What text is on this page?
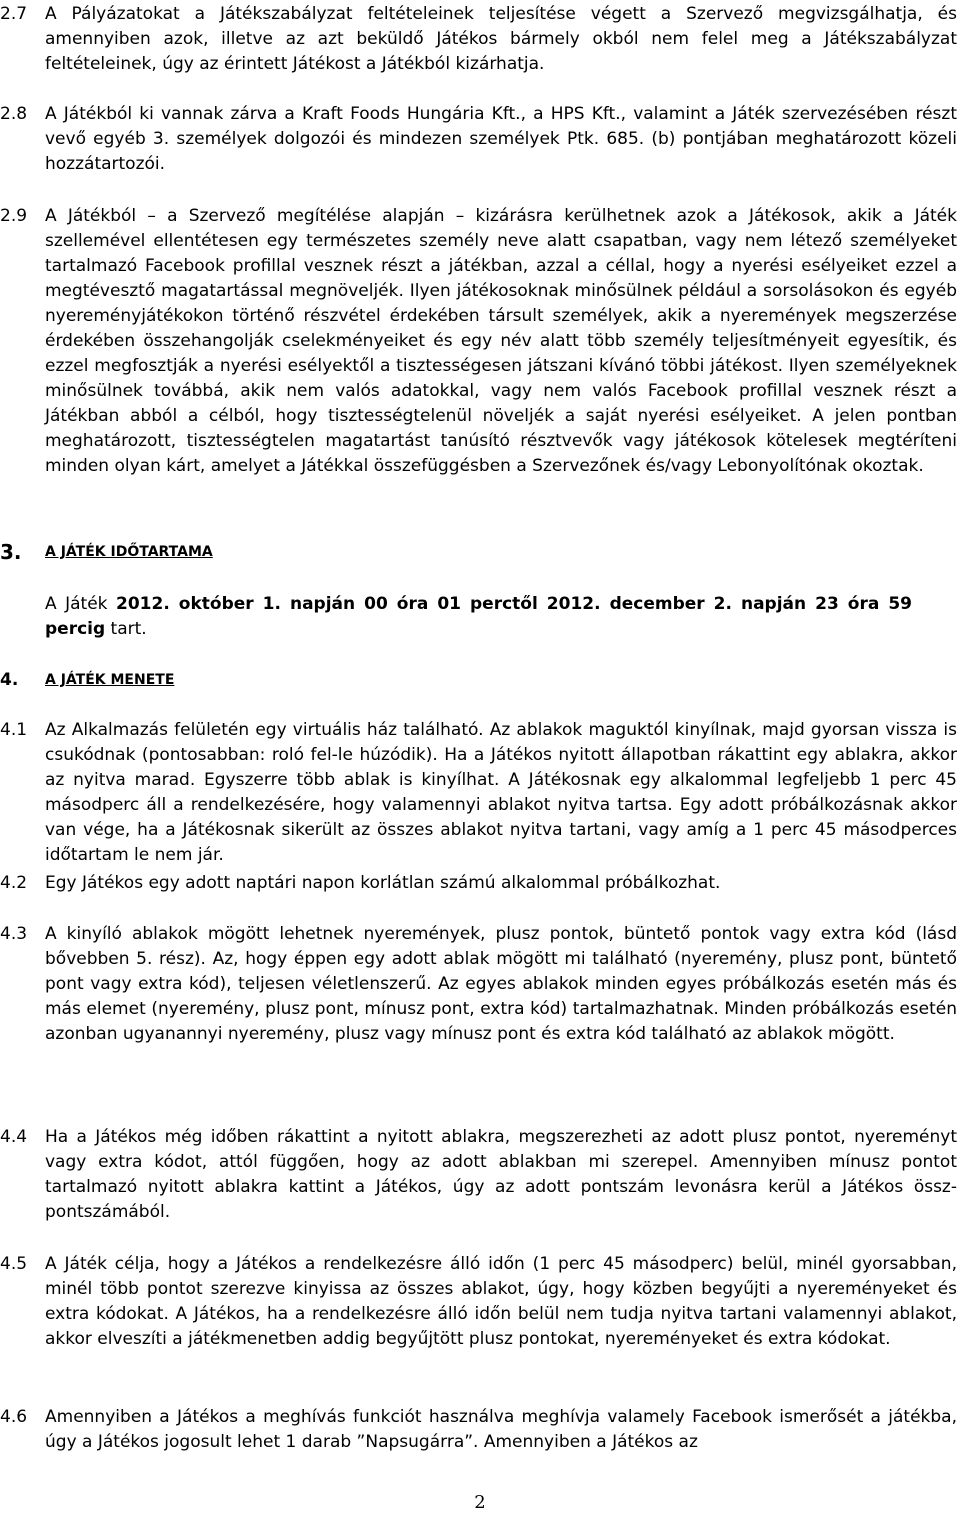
2.7	A Pályázatokat a Játékszabályzat feltételeinek teljesítése végett a Szervező megvizsgálhatja, és amennyiben azok, illetve az azt beküldő Játékos bármely okból nem felel meg a Játékszabályzat feltételeinek, úgy az érintett Játékost a Játékból kizárhatja.
2.8	A Játékból ki vannak zárva a Kraft Foods Hungária Kft., a HPS Kft., valamint a Játék szervezésében részt vevő egyéb 3. személyek dolgozói és mindezen személyek Ptk. 685. (b) pontjában meghatározott közeli hozzátartozói.
2.9	A Játékból – a Szervező megítélése alapján – kizárásra kerülhetnek azok a Játékosok, akik a Játék szellemével ellentétesen egy természetes személy neve alatt csapatban, vagy nem létező személyeket tartalmazó Facebook profillal vesznek részt a játékban, azzal a céllal, hogy a nyerési esélyeiket ezzel a megtévesztő magatartással megnöveljék. Ilyen játékosoknak minősülnek például a sorsolásokon és egyéb nyereményjátékokon történő részvétel érdekében társult személyek, akik a nyeremények megszerzése érdekében összehangolják cselekményeiket és egy név alatt több személy teljesítményeit egyesítik, és ezzel megfosztják a nyerési esélyektől a tisztességesen játszani kívánó többi játékost. Ilyen személyeknek minősülnek továbbá, akik nem valós adatokkal, vagy nem valós Facebook profillal vesznek részt a Játékban abból a célból, hogy tisztességtelenül növeljék a saját nyerési esélyeiket. A jelen pontban meghatározott, tisztességtelen magatartást tanúsító résztvevők vagy játékosok kötelesek megtéríteni minden olyan kárt, amelyet a Játékkal összefüggésben a Szervezőnek és/vagy Lebonyolítónak okoztak.
3.	A JÁTÉK IDŐTARTAMA
A Játék 2012. október 1. napján 00 óra 01 perctől 2012. december 2. napján 23 óra 59 percig tart.
4.	A JÁTÉK MENETE
4.1	Az Alkalmazás felületén egy virtuális ház található. Az ablakok maguktól kinyílnak, majd gyorsan vissza is csukódnak (pontosabban: roló fel-le húzódik). Ha a Játékos nyitott állapotban rákattint egy ablakra, akkor az nyitva marad. Egyszerre több ablak is kinyílhat. A Játékosnak egy alkalommal legfeljebb 1 perc 45 másodperc áll a rendelkezésére, hogy valamennyi ablakot nyitva tartsa. Egy adott próbálkozásnak akkor van vége, ha a Játékosnak sikerült az összes ablakot nyitva tartani, vagy amíg a 1 perc 45 másodperces időtartam le nem jár.
4.2	Egy Játékos egy adott naptári napon korlátlan számú alkalommal próbálkozhat.
4.3	A kinyíló ablakok mögött lehetnek nyeremények, plusz pontok, büntető pontok vagy extra kód (lásd bővebben 5. rész). Az, hogy éppen egy adott ablak mögött mi található (nyeremény, plusz pont, büntető pont vagy extra kód), teljesen véletlenszerű. Az egyes ablakok minden egyes próbálkozás esetén más és más elemet (nyeremény, plusz pont, mínusz pont, extra kód) tartalmazhatnak. Minden próbálkozás esetén azonban ugyanannyi nyeremény, plusz vagy mínusz pont és extra kód található az ablakok mögött.
4.4	Ha a Játékos még időben rákattint a nyitott ablakra, megszerezheti az adott plusz pontot, nyereményt vagy extra kódot, attól függően, hogy az adott ablakban mi szerepel. Amennyiben mínusz pontot tartalmazó nyitott ablakra kattint a Játékos, úgy az adott pontszám levonásra kerül a Játékos össz-pontszámából.
4.5	A Játék célja, hogy a Játékos a rendelkezésre álló időn (1 perc 45 másodperc) belül, minél gyorsabban, minél több pontot szerezve kinyissa az összes ablakot, úgy, hogy közben begyűjti a nyereményeket és extra kódokat. A Játékos, ha a rendelkezésre álló időn belül nem tudja nyitva tartani valamennyi ablakot, akkor elveszíti a játékmenetben addig begyűjtött plusz pontokat, nyereményeket és extra kódokat.
4.6	Amennyiben a Játékos a meghívás funkciót használva meghívja valamely Facebook ismerősét a játékba, úgy a Játékos jogosult lehet 1 darab ”Napsugárra”. Amennyiben a Játékos az
2
